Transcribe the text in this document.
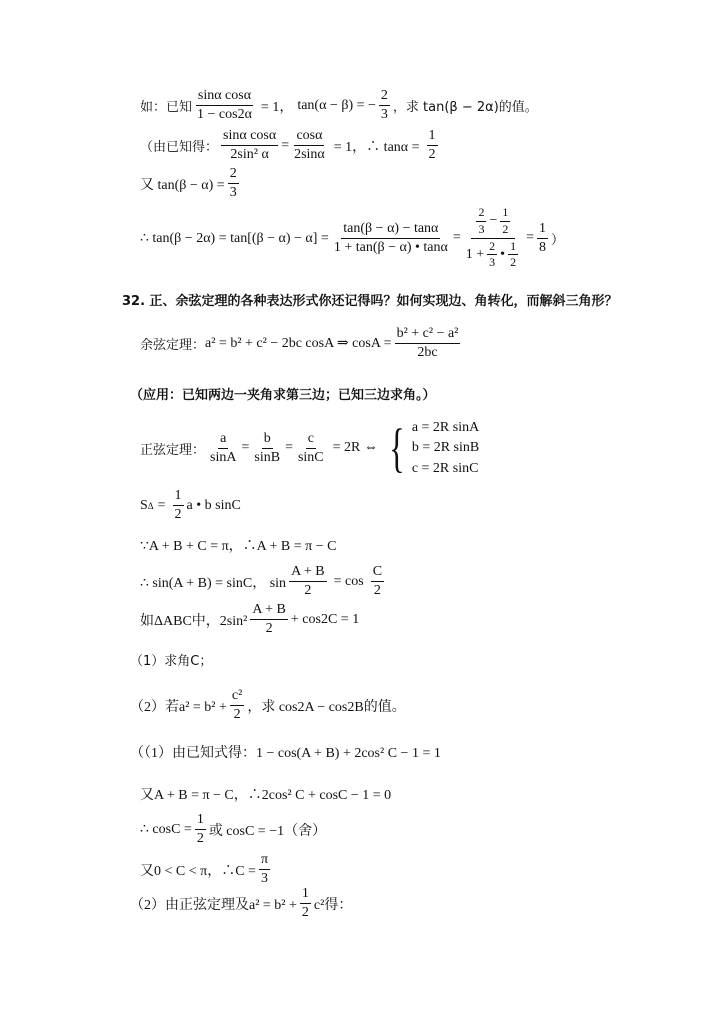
如：已知 $\frac{\text{sinα cosα}}{1 - \cos 2\alpha} = 1$， tan(α − β) = − $\frac{2}{3}$ ，求 tan(β − 2α)的值。
（由已知得： $\frac{\text{sinα cosα}}{\text{2sin² α}} = \frac{\cos\alpha}{2\sin\alpha} = 1$，∴ $\tan\alpha = \frac{1}{2}$
又 $\tan(\beta - \alpha) = \frac{2}{3}$
∴ $\tan(\beta - 2\alpha) = \tan[(\beta - \alpha) - \alpha] = \frac{\tan(\beta - \alpha) - \tan\alpha}{1 + \tan(\beta - \alpha) • \tan\alpha} = \frac{\frac{2}{3} - \frac{1}{2}}{1 + \frac{2}{3} • \frac{1}{2}} = \frac{1}{8}$ ）
32. 正、余弦定理的各种表达形式你还记得吗？如何实现边、角转化，而解斜三角形？
余弦定理： a² = b² + c² − 2bc cosA ⇒ $\cos A = \frac{\text{b² + c² − a²}}{2bc}$
（应用：已知两边一夹角求第三边；已知三边求角。）
正弦定理： $\frac{a}{\sin A} = \frac{b}{\sin B} = \frac{c}{\sin C} = 2R$ ⇔ { a = 2R sinA
b = 2R sinB
c = 2R sinC
S $\Delta = \frac{1}{2}$ a • b sinC
∵A + B + C = π，∴A + B = π − C
∴ sin(A + B) = sinC， $\sin \frac{A + B}{2} = \cos \frac{C}{2}$
如ΔABC中，$2\sin^2 \frac{A + B}{2} + \cos 2C = 1$
（1）求角C；
（2）若$a^2 = b^2 + \frac{\text{c²}}{2}$ ，求 cos2A − cos2B的值。
（（1）由已知式得：1 − cos(A + B) + 2cos² C − 1 = 1
又A + B = π − C，∴2cos² C + cosC − 1 = 0
∴ $\cos C = \frac{1}{2}$ 或 cosC = −1（舍）
又0 < C < π，∴C = $\frac{\pi}{3}$
（2）由正弦定理及$a^2 = b^2 + \frac{1}{2} c^2$得：
